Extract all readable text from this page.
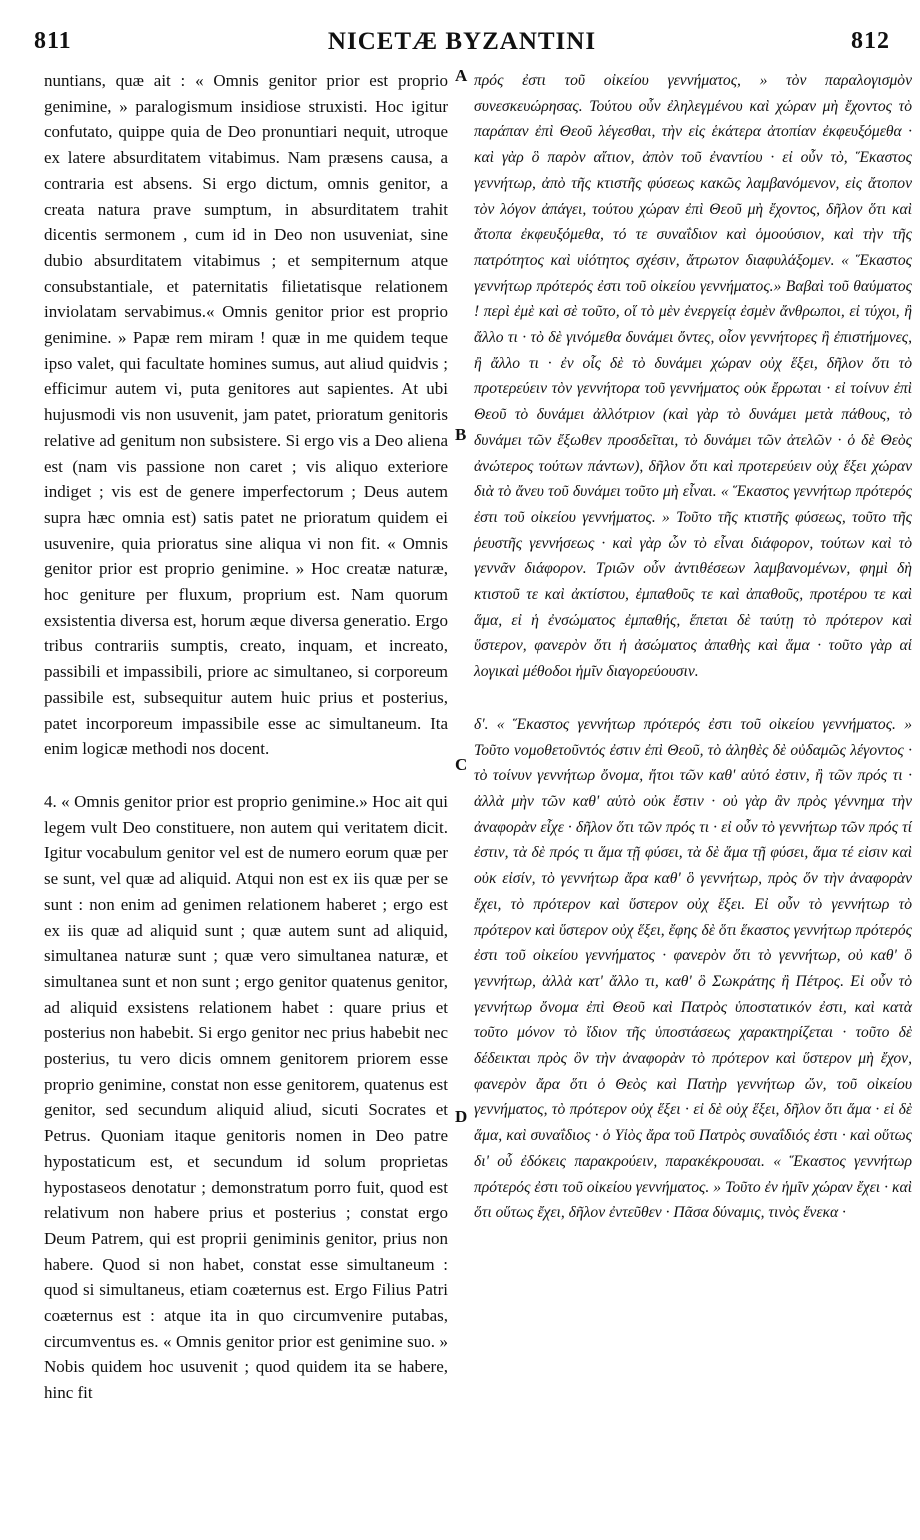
811	NICETÆ BYZANTINI	812

nuntians, quæ ait : « Omnis genitor prior est proprio genimine, » paralogismum insidiose struxisti. Hoc igitur confutato, quippe quia de Deo pronuntiari nequit, utroque ex latere absurditatem vitabimus. Nam præsens causa, a contraria est absens. Si ergo dictum, omnis genitor, a creata natura prave sumptum, in absurditatem trahit dicentis sermonem , cum id in Deo non usuveniat, sine dubio absurditatem vitabimus ; et sempiternum atque consubstantiale, et paternitatis filietatisque relationem inviolatam servabimus.« Omnis genitor prior est proprio genimine. » Papæ rem miram ! quæ in me quidem teque ipso valet, qui facultate homines sumus, aut aliud quidvis ; efficimur autem vi, puta genitores aut sapientes. At ubi hujusmodi vis non usuvenit, jam patet, prioratum genitoris relative ad genitum non subsistere. Si ergo vis a Deo aliena est (nam vis passione non caret ; vis aliquo exteriore indiget ; vis est de genere imperfectorum ; Deus autem supra hæc omnia est) satis patet ne prioratum quidem ei usuvenire, quia prioratus sine aliqua vi non fit. « Omnis genitor prior est proprio genimine. » Hoc creatæ naturæ, hoc geniture per fluxum, proprium est. Nam quorum exsistentia diversa est, horum æque diversa generatio. Ergo tribus contrariis sumptis, creato, inquam, et increato, passibili et impassibili, priore ac simultaneo, si corporeum passibile est, subsequitur autem huic prius et posterius, patet incorporeum impassibile esse ac simultaneum. Ita enim logicæ methodi nos docent.

4. « Omnis genitor prior est proprio genimine.» Hoc ait qui legem vult Deo constituere, non autem qui veritatem dicit. Igitur vocabulum genitor vel est de numero eorum quæ per se sunt, vel quæ ad aliquid. Atqui non est ex iis quæ per se sunt : non enim ad genimen relationem haberet ; ergo est ex iis quæ ad aliquid sunt ; quæ autem sunt ad aliquid, simultanea naturæ sunt ; quæ vero simultanea naturæ, et simultanea sunt et non sunt ; ergo genitor quatenus genitor, ad aliquid exsistens relationem habet : quare prius et posterius non habebit. Si ergo genitor nec prius habebit nec posterius, tu vero dicis omnem genitorem priorem esse proprio genimine, constat non esse genitorem, quatenus est genitor, sed secundum aliquid aliud, sicuti Socrates et Petrus. Quoniam itaque genitoris nomen in Deo patre hypostaticum est, et secundum id solum proprietas hypostaseos denotatur ; demonstratum porro fuit, quod est relativum non habere prius et posterius ; constat ergo Deum Patrem, qui est proprii geniminis genitor, prius non habere. Quod si non habet, constat esse simultaneum : quod si simultaneus, etiam coæternus est. Ergo Filius Patri coæternus est : atque ita in quo circumvenire putabas, circumventus es. « Omnis genitor prior est genimine suo. » Nobis quidem hoc usuvenit ; quod quidem ita se habere, hinc fit

A
B
C
D

πρός ἐστι τοῦ οἰκείου γεννήματος, » τὸν παραλογισμὸν συνεσκευώρησας. Τούτου οὖν ἐληλεγμένου καὶ χώραν μὴ ἔχοντος τὸ παράπαν ἐπὶ Θεοῦ λέγεσθαι, τὴν εἰς ἑκάτερα ἀτοπίαν ἐκφευξόμεθα · καὶ γὰρ ὃ παρὸν αἴτιον, ἀπὸν τοῦ ἐναντίου · εἰ οὖν τὸ, Ἕκαστος γεννήτωρ, ἀπὸ τῆς κτιστῆς φύσεως κακῶς λαμβανόμενον, εἰς ἄτοπον τὸν λόγον ἀπάγει, τούτου χώραν ἐπὶ Θεοῦ μὴ ἔχοντος, δῆλον ὅτι καὶ ἄτοπα ἐκφευξόμεθα, τό τε συναΐδιον καὶ ὁμοούσιον, καὶ τὴν τῆς πατρότητος καὶ υἱότητος σχέσιν, ἄτρωτον διαφυλάξομεν. « Ἕκαστος γεννήτωρ πρότερός ἐστι τοῦ οἰκείου γεννήματος.» Βαβαὶ τοῦ θαύματος ! περὶ ἐμὲ καὶ σὲ τοῦτο, οἵ τὸ μὲν ἐνεργείᾳ ἐσμὲν ἄνθρωποι, εἰ τύχοι, ἢ ἄλλο τι · τὸ δὲ γινόμεθα δυνάμει ὄντες, οἷον γεννήτορες ἢ ἐπιστήμονες, ἢ ἄλλο τι · ἐν οἷς δὲ τὸ δυνάμει χώραν οὐχ ἕξει, δῆλον ὅτι τὸ προτερεύειν τὸν γεννήτορα τοῦ γεννήματος οὐκ ἔρρωται · εἰ τοίνυν ἐπὶ Θεοῦ τὸ δυνάμει ἀλλότριον (καὶ γὰρ τὸ δυνάμει μετὰ πάθους, τὸ δυνάμει τῶν ἔξωθεν προσδεῖται, τὸ δυνάμει τῶν ἀτελῶν · ὁ δὲ Θεὸς ἀνώτερος τούτων πάντων), δῆλον ὅτι καὶ προτερεύειν οὐχ ἕξει χώραν διὰ τὸ ἄνευ τοῦ δυνάμει τοῦτο μὴ εἶναι. « Ἕκαστος γεννήτωρ πρότερός ἐστι τοῦ οἰκείου γεννήματος. » Τοῦτο τῆς κτιστῆς φύσεως, τοῦτο τῆς ῥευστῆς γεννήσεως · καὶ γὰρ ὧν τὸ εἶναι διάφορον, τούτων καὶ τὸ γεννᾶν διάφορον. Τριῶν οὖν ἀντιθέσεων λαμβανομένων, φημὶ δὴ κτιστοῦ τε καὶ ἀκτίστου, ἐμπαθοῦς τε καὶ ἀπαθοῦς, προτέρου τε καὶ ἅμα, εἰ ἡ ἐνσώματος ἐμπαθής, ἕπεται δὲ ταύτῃ τὸ πρότερον καὶ ὕστερον, φανερὸν ὅτι ἡ ἀσώματος ἀπαθὴς καὶ ἅμα · τοῦτο γὰρ αἱ λογικαὶ μέθοδοι ἡμῖν διαγορεύουσιν.

δ'. « Ἕκαστος γεννήτωρ πρότερός ἐστι τοῦ οἰκείου γεννήματος. » Τοῦτο νομοθετοῦντός ἐστιν ἐπὶ Θεοῦ, τὸ ἀληθὲς δὲ οὐδαμῶς λέγοντος · τὸ τοίνυν γεννήτωρ ὄνομα, ἤτοι τῶν καθ' αὑτό ἐστιν, ἢ τῶν πρός τι · ἀλλὰ μὴν τῶν καθ' αὑτὸ οὐκ ἔστιν · οὐ γὰρ ἂν πρὸς γέννημα τὴν ἀναφορὰν εἶχε · δῆλον ὅτι τῶν πρός τι · εἰ οὖν τὸ γεννήτωρ τῶν πρός τί ἐστιν, τὰ δὲ πρός τι ἅμα τῇ φύσει, τὰ δὲ ἅμα τῇ φύσει, ἅμα τέ εἰσιν καὶ οὐκ εἰσίν, τὸ γεννήτωρ ἄρα καθ' ὃ γεννήτωρ, πρὸς ὅν τὴν ἀναφορὰν ἔχει, τὸ πρότερον καὶ ὕστερον οὐχ ἕξει. Εἰ οὖν τὸ γεννήτωρ τὸ πρότερον καὶ ὕστερον οὐχ ἕξει, ἔφης δὲ ὅτι ἕκαστος γεννήτωρ πρότερός ἐστι τοῦ οἰκείου γεννήματος · φανερὸν ὅτι τὸ γεννήτωρ, οὐ καθ' ὃ γεννήτωρ, ἀλλὰ κατ' ἄλλο τι, καθ' ὃ Σωκράτης ἢ Πέτρος. Εἰ οὖν τὸ γεννήτωρ ὄνομα ἐπὶ Θεοῦ καὶ Πατρὸς ὑποστατικόν ἐστι, καὶ κατὰ τοῦτο μόνον τὸ ἴδιον τῆς ὑποστάσεως χαρακτηρίζεται · τοῦτο δὲ δέδεικται πρὸς ὃν τὴν ἀναφορὰν τὸ πρότερον καὶ ὕστερον μὴ ἔχον, φανερὸν ἄρα ὅτι ὁ Θεὸς καὶ Πατὴρ γεννήτωρ ὤν, τοῦ οἰκείου γεννήματος, τὸ πρότερον οὐχ ἕξει · εἰ δὲ οὐχ ἕξει, δῆλον ὅτι ἅμα · εἰ δὲ ἅμα, καὶ συναΐδιος · ὁ Υἱὸς ἄρα τοῦ Πατρὸς συναΐδιός ἐστι · καὶ οὕτως δι' οὗ ἐδόκεις παρακρούειν, παρακέκρουσαι. « Ἕκαστος γεννήτωρ πρότερός ἐστι τοῦ οἰκείου γεννήματος. » Τοῦτο ἐν ἡμῖν χώραν ἔχει · καὶ ὅτι οὕτως ἔχει, δῆλον ἐντεῦθεν · Πᾶσα δύναμις, τινὸς ἕνεκα ·
